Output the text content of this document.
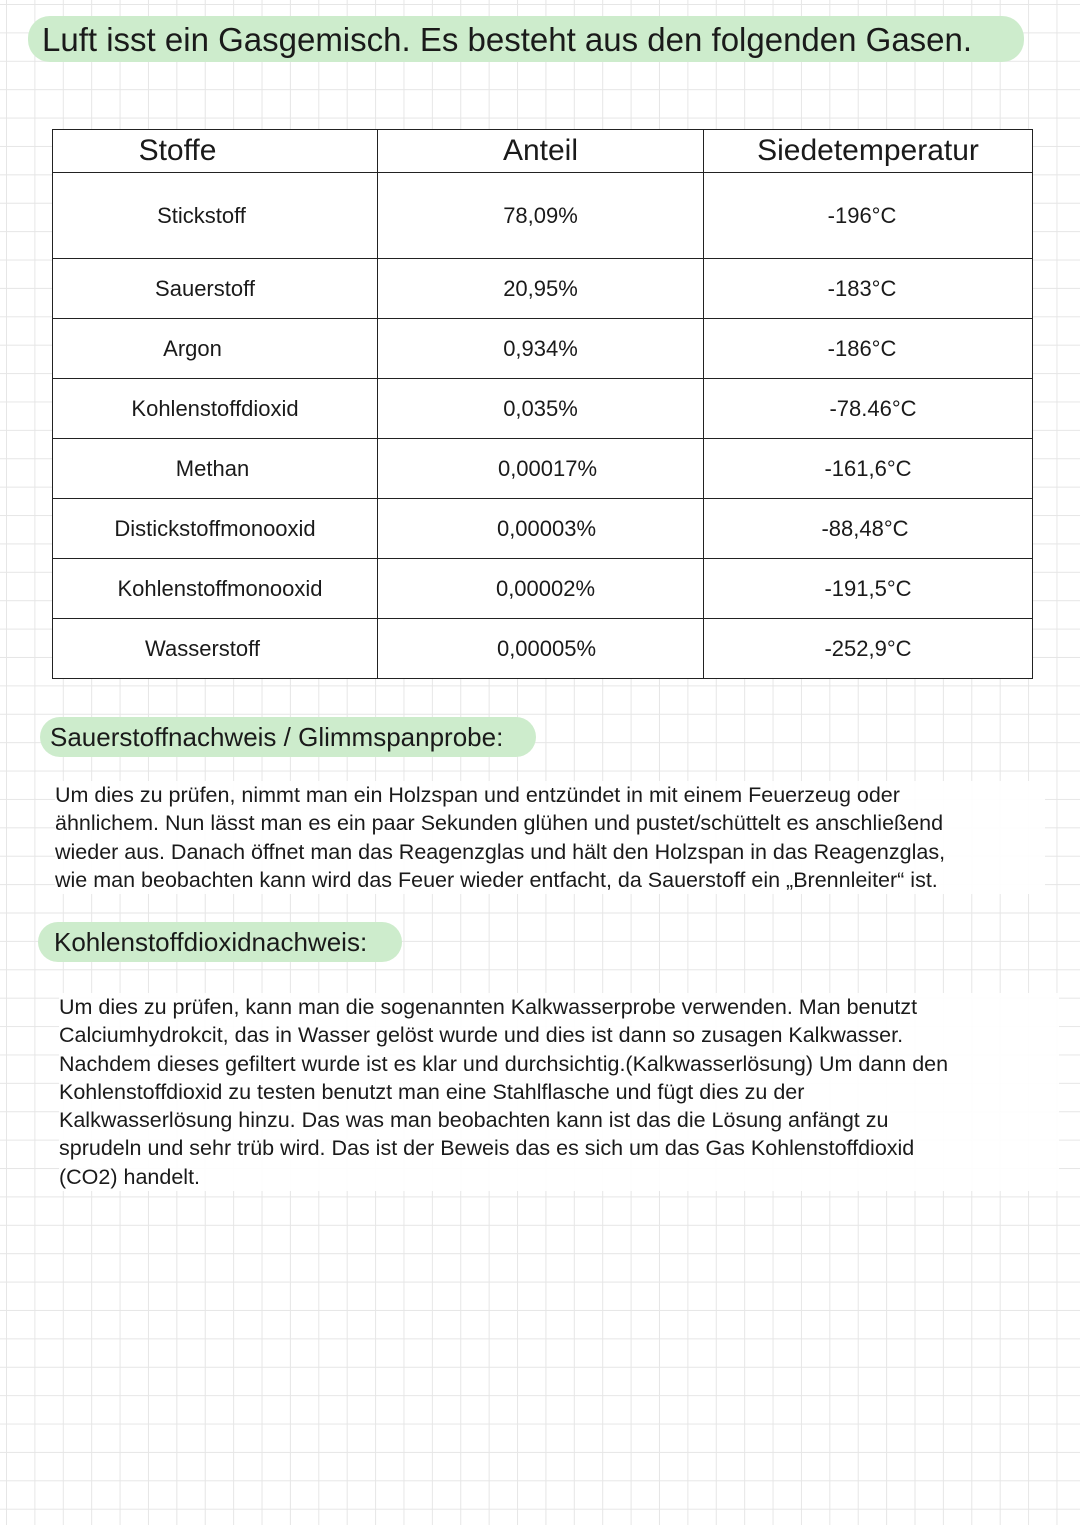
Luft isst ein Gasgemisch. Es besteht aus den folgenden Gasen.
Stoffe	Anteil	Siedetemperatur
Stickstoff	78,09%	-196°C
Sauerstoff	20,95%	-183°C
Argon	0,934%	-186°C
Kohlenstoffdioxid	0,035%	-78.46°C
Methan	0,00017%	-161,6°C
Distickstoffmonooxid	0,00003%	-88,48°C
Kohlenstoffmonooxid	0,00002%	-191,5°C
Wasserstoff	0,00005%	-252,9°C
Sauerstoffnachweis / Glimmspanprobe:
Um dies zu prüfen, nimmt man ein Holzspan und entzündet in mit einem Feuerzeug oder
ähnlichem. Nun lässt man es ein paar Sekunden glühen und pustet/schüttelt es anschließend
wieder aus. Danach öffnet man das Reagenzglas und hält den Holzspan in das Reagenzglas,
wie man beobachten kann wird das Feuer wieder entfacht, da Sauerstoff ein „Brennleiter“ ist.
Kohlenstoffdioxidnachweis:
Um dies zu prüfen, kann man die sogenannten Kalkwasserprobe verwenden. Man benutzt
Calciumhydrokcit, das in Wasser gelöst wurde und dies ist dann so zusagen Kalkwasser.
Nachdem dieses gefiltert wurde ist es klar und durchsichtig.(Kalkwasserlösung) Um dann den
Kohlenstoffdioxid zu testen benutzt man eine Stahlflasche und fügt dies zu der
Kalkwasserlösung hinzu. Das was man beobachten kann ist das die Lösung anfängt zu
sprudeln und sehr trüb wird. Das ist der Beweis das es sich um das Gas Kohlenstoffdioxid
(CO2) handelt.
